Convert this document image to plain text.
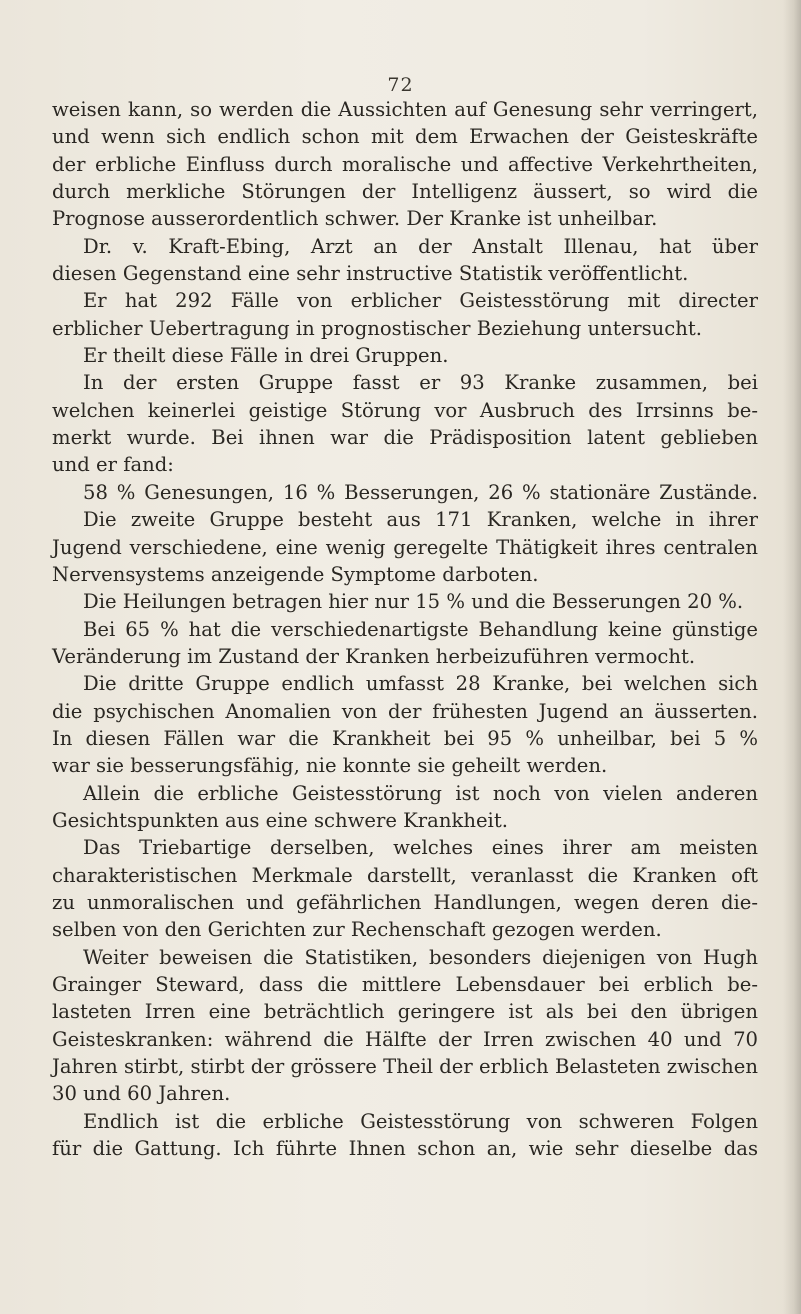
72
weisen kann, so werden die Aussichten auf Genesung sehr verringert,
und wenn sich endlich schon mit dem Erwachen der Geisteskräfte
der erbliche Einfluss durch moralische und affective Verkehrtheiten,
durch merkliche Störungen der Intelligenz äussert, so wird die
Prognose ausserordentlich schwer. Der Kranke ist unheilbar.
Dr. v. Kraft-Ebing, Arzt an der Anstalt Illenau, hat über
diesen Gegenstand eine sehr instructive Statistik veröffentlicht.
Er hat 292 Fälle von erblicher Geistesstörung mit directer
erblicher Uebertragung in prognostischer Beziehung untersucht.
Er theilt diese Fälle in drei Gruppen.
In der ersten Gruppe fasst er 93 Kranke zusammen, bei
welchen keinerlei geistige Störung vor Ausbruch des Irrsinns be-
merkt wurde. Bei ihnen war die Prädisposition latent geblieben
und er fand:
58 % Genesungen, 16 % Besserungen, 26 % stationäre Zustände.
Die zweite Gruppe besteht aus 171 Kranken, welche in ihrer
Jugend verschiedene, eine wenig geregelte Thätigkeit ihres centralen
Nervensystems anzeigende Symptome darboten.
Die Heilungen betragen hier nur 15 % und die Besserungen 20 %.
Bei 65 % hat die verschiedenartigste Behandlung keine günstige
Veränderung im Zustand der Kranken herbeizuführen vermocht.
Die dritte Gruppe endlich umfasst 28 Kranke, bei welchen sich
die psychischen Anomalien von der frühesten Jugend an äusserten.
In diesen Fällen war die Krankheit bei 95 % unheilbar, bei 5 %
war sie besserungsfähig, nie konnte sie geheilt werden.
Allein die erbliche Geistesstörung ist noch von vielen anderen
Gesichtspunkten aus eine schwere Krankheit.
Das Triebartige derselben, welches eines ihrer am meisten
charakteristischen Merkmale darstellt, veranlasst die Kranken oft
zu unmoralischen und gefährlichen Handlungen, wegen deren die-
selben von den Gerichten zur Rechenschaft gezogen werden.
Weiter beweisen die Statistiken, besonders diejenigen von Hugh
Grainger Steward, dass die mittlere Lebensdauer bei erblich be-
lasteten Irren eine beträchtlich geringere ist als bei den übrigen
Geisteskranken: während die Hälfte der Irren zwischen 40 und 70
Jahren stirbt, stirbt der grössere Theil der erblich Belasteten zwischen
30 und 60 Jahren.
Endlich ist die erbliche Geistesstörung von schweren Folgen
für die Gattung. Ich führte Ihnen schon an, wie sehr dieselbe das
